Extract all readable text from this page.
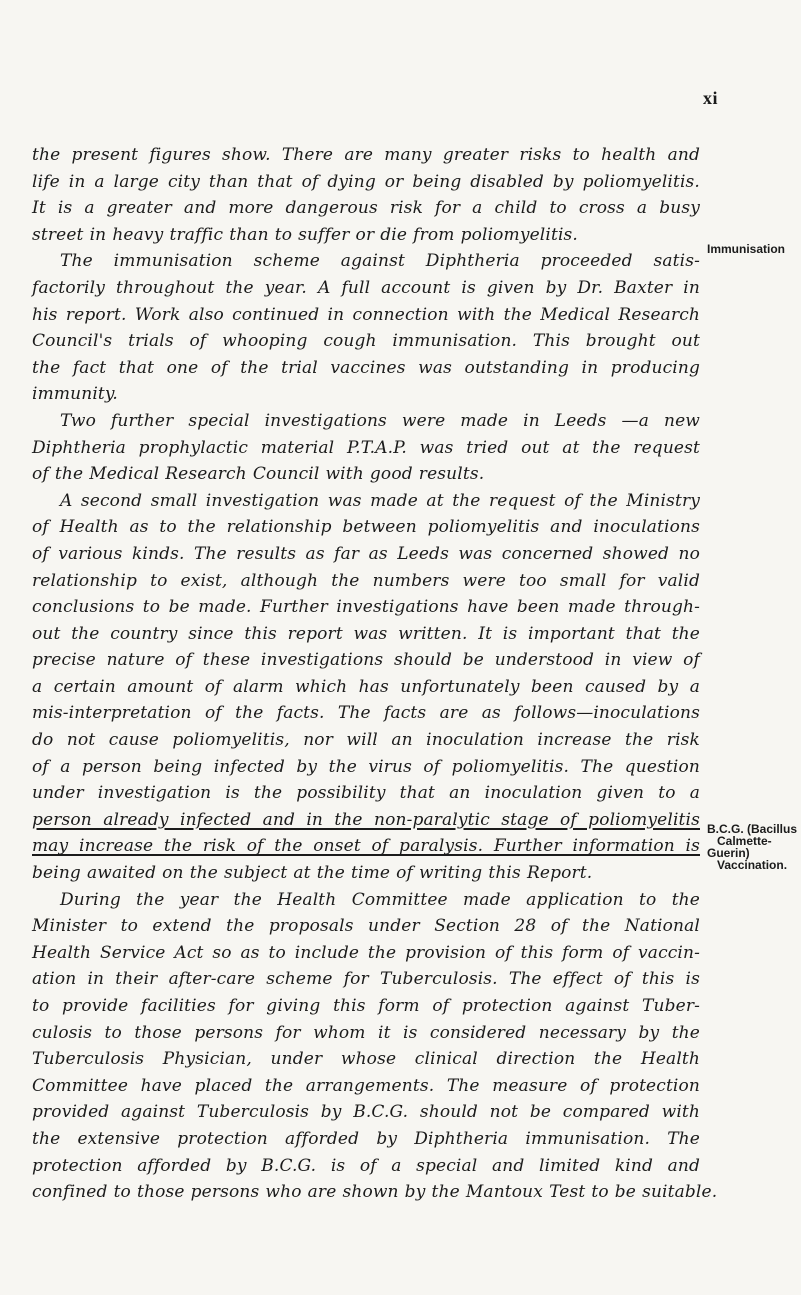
xi
the present figures show. There are many greater risks to health and
life in a large city than that of dying or being disabled by poliomyelitis.
It is a greater and more dangerous risk for a child to cross a busy
street in heavy traffic than to suffer or die from poliomyelitis.
The immunisation scheme against Diphtheria proceeded satis-
factorily throughout the year. A full account is given by Dr. Baxter in
his report. Work also continued in connection with the Medical Research
Council's trials of whooping cough immunisation. This brought out
the fact that one of the trial vaccines was outstanding in producing
immunity.
Two further special investigations were made in Leeds —a new
Diphtheria prophylactic material P.T.A.P. was tried out at the request
of the Medical Research Council with good results.
A second small investigation was made at the request of the Ministry
of Health as to the relationship between poliomyelitis and inoculations
of various kinds. The results as far as Leeds was concerned showed no
relationship to exist, although the numbers were too small for valid
conclusions to be made. Further investigations have been made through-
out the country since this report was written. It is important that the
precise nature of these investigations should be understood in view of
a certain amount of alarm which has unfortunately been caused by a
mis-interpretation of the facts. The facts are as follows—inoculations
do not cause poliomyelitis, nor will an inoculation increase the risk
of a person being infected by the virus of poliomyelitis. The question
under investigation is the possibility that an inoculation given to a
person already infected and in the non-paralytic stage of poliomyelitis
may increase the risk of the onset of paralysis. Further information is
being awaited on the subject at the time of writing this Report.
During the year the Health Committee made application to the
Minister to extend the proposals under Section 28 of the National
Health Service Act so as to include the provision of this form of vaccin-
ation in their after-care scheme for Tuberculosis. The effect of this is
to provide facilities for giving this form of protection against Tuber-
culosis to those persons for whom it is considered necessary by the
Tuberculosis Physician, under whose clinical direction the Health
Committee have placed the arrangements. The measure of protection
provided against Tuberculosis by B.C.G. should not be compared with
the extensive protection afforded by Diphtheria immunisation. The
protection afforded by B.C.G. is of a special and limited kind and
confined to those persons who are shown by the Mantoux Test to be suitable.
Immunisation
B.C.G. (Bacillus
Calmette-
Guerin)
Vaccination.
